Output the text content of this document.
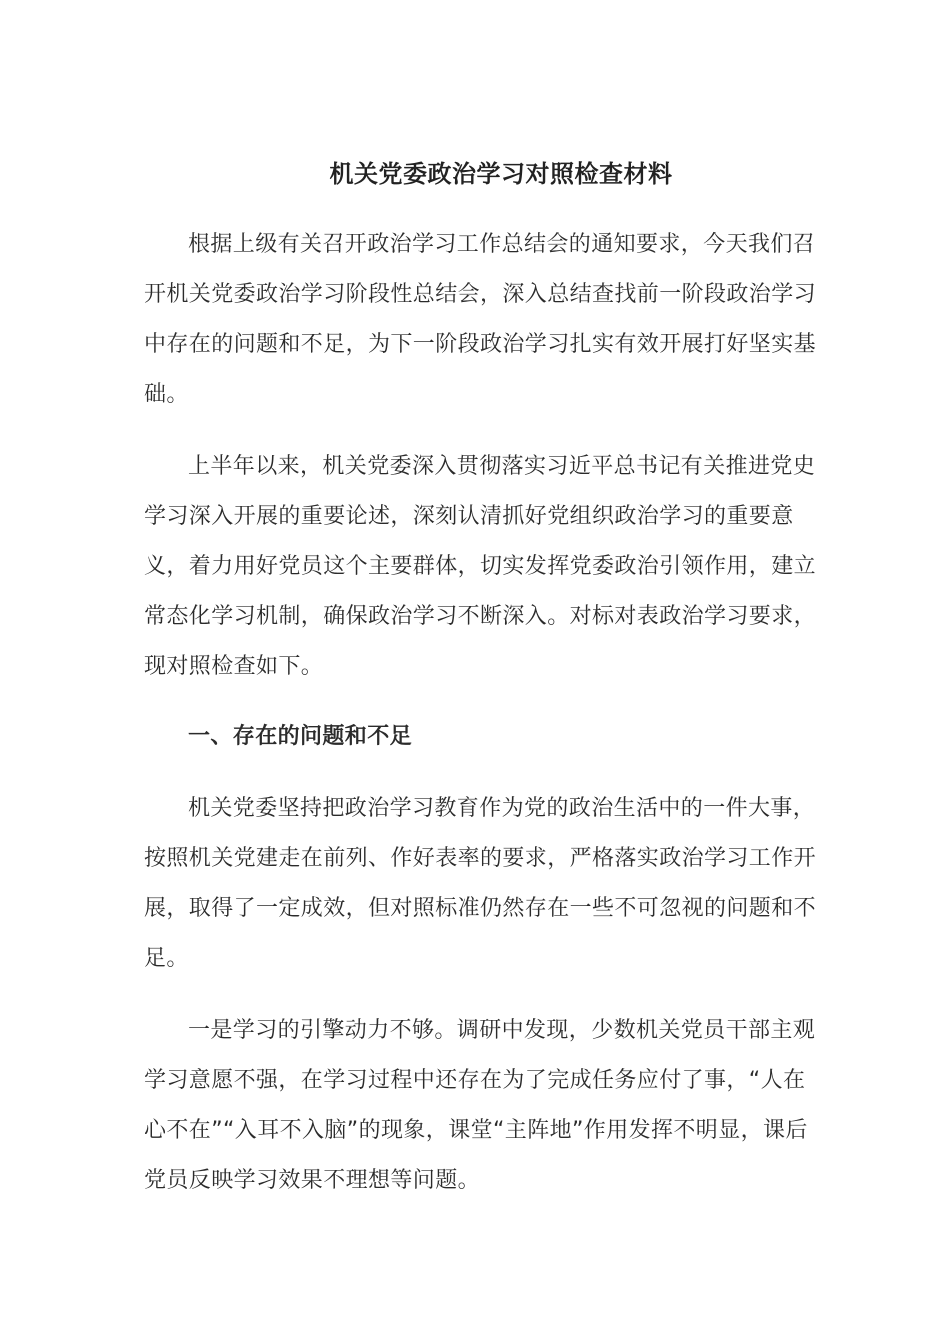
机关党委政治学习对照检查材料

根据上级有关召开政治学习工作总结会的通知要求，今天我们召开机关党委政治学习阶段性总结会，深入总结查找前一阶段政治学习中存在的问题和不足，为下一阶段政治学习扎实有效开展打好坚实基础。

上半年以来，机关党委深入贯彻落实习近平总书记有关推进党史学习深入开展的重要论述，深刻认清抓好党组织政治学习的重要意义，着力用好党员这个主要群体，切实发挥党委政治引领作用，建立常态化学习机制，确保政治学习不断深入。对标对表政治学习要求，现对照检查如下。

一、存在的问题和不足

机关党委坚持把政治学习教育作为党的政治生活中的一件大事，按照机关党建走在前列、作好表率的要求，严格落实政治学习工作开展，取得了一定成效，但对照标准仍然存在一些不可忽视的问题和不足。

一是学习的引擎动力不够。调研中发现，少数机关党员干部主观学习意愿不强，在学习过程中还存在为了完成任务应付了事，“人在心不在”“入耳不入脑”的现象，课堂“主阵地”作用发挥不明显，课后党员反映学习效果不理想等问题。
